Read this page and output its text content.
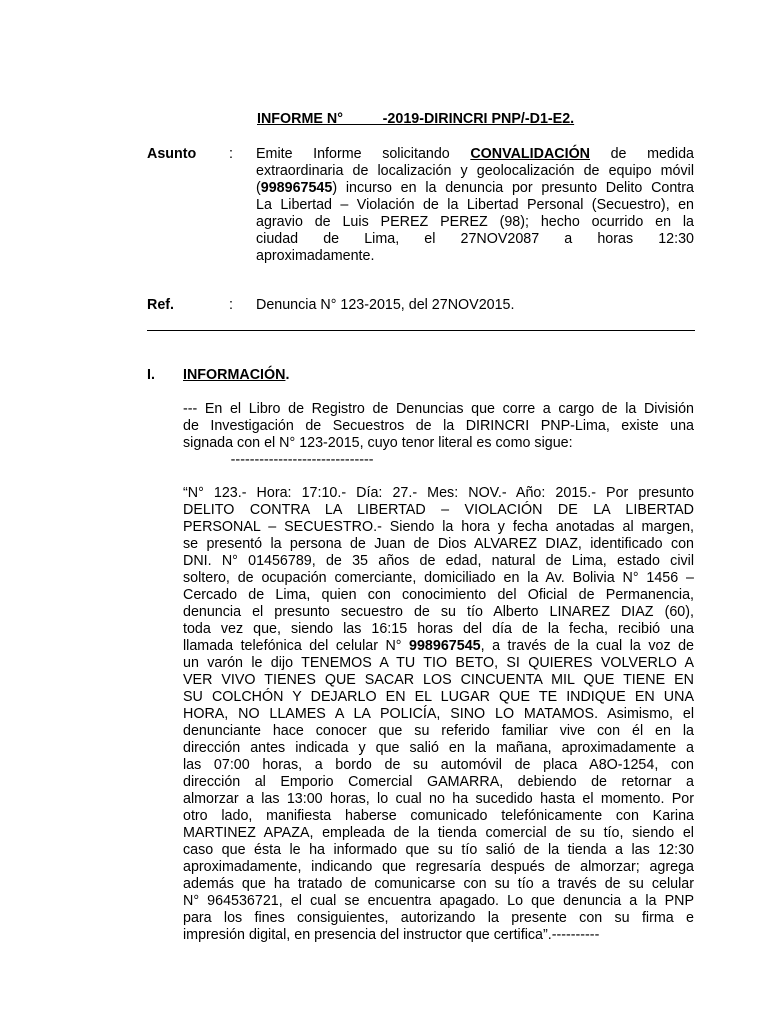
INFORME N°          -2019-DIRINCRI PNP/-D1-E2.
Asunto : Emite Informe solicitando CONVALIDACIÓN de medida
extraordinaria de localización y geolocalización de equipo móvil
(998967545) incurso en la denuncia por presunto Delito Contra
La Libertad – Violación de la Libertad Personal (Secuestro), en
agravio de Luis PEREZ PEREZ (98); hecho ocurrido en la
ciudad de Lima, el 27NOV2087 a horas 12:30
aproximadamente.
Ref.	: Denuncia N° 123-2015, del 27NOV2015.
I. INFORMACIÓN.
--- En el Libro de Registro de Denuncias que corre a cargo de la División
de Investigación de Secuestros de la DIRINCRI PNP-Lima, existe una
signada con el N° 123-2015, cuyo tenor literal es como sigue:
------------------------------
“N° 123.- Hora: 17:10.- Día: 27.- Mes: NOV.- Año: 2015.- Por presunto
DELITO CONTRA LA LIBERTAD – VIOLACIÓN DE LA LIBERTAD
PERSONAL – SECUESTRO.- Siendo la hora y fecha anotadas al margen,
se presentó la persona de Juan de Dios ALVAREZ DIAZ, identificado con
DNI. N° 01456789, de 35 años de edad, natural de Lima, estado civil
soltero, de ocupación comerciante, domiciliado en la Av. Bolivia N° 1456 –
Cercado de Lima, quien con conocimiento del Oficial de Permanencia,
denuncia el presunto secuestro de su tío Alberto LINAREZ DIAZ (60),
toda vez que, siendo las 16:15 horas del día de la fecha, recibió una
llamada telefónica del celular N° 998967545, a través de la cual la voz de
un varón le dijo TENEMOS A TU TIO BETO, SI QUIERES VOLVERLO A
VER VIVO TIENES QUE SACAR LOS CINCUENTA MIL QUE TIENE EN
SU COLCHÓN Y DEJARLO EN EL LUGAR QUE TE INDIQUE EN UNA
HORA, NO LLAMES A LA POLICÍA, SINO LO MATAMOS. Asimismo, el
denunciante hace conocer que su referido familiar vive con él en la
dirección antes indicada y que salió en la mañana, aproximadamente a
las 07:00 horas, a bordo de su automóvil de placa A8O-1254, con
dirección al Emporio Comercial GAMARRA, debiendo de retornar a
almorzar a las 13:00 horas, lo cual no ha sucedido hasta el momento. Por
otro lado, manifiesta haberse comunicado telefónicamente con Karina
MARTINEZ APAZA, empleada de la tienda comercial de su tío, siendo el
caso que ésta le ha informado que su tío salió de la tienda a las 12:30
aproximadamente, indicando que regresaría después de almorzar; agrega
además que ha tratado de comunicarse con su tío a través de su celular
N° 964536721, el cual se encuentra apagado. Lo que denuncia a la PNP
para los fines consiguientes, autorizando la presente con su firma e
impresión digital, en presencia del instructor que certifica”.----------
